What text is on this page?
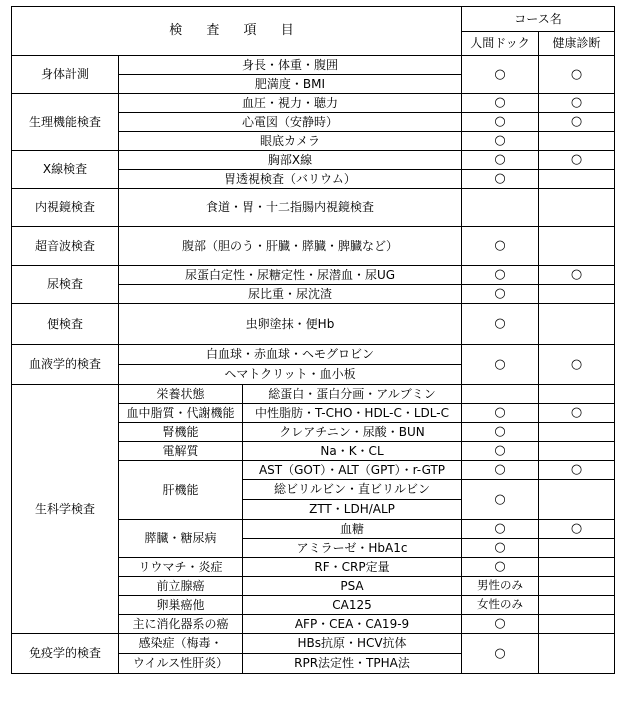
検 査 項 目			コース名	
			人間ドック	健康診断
身体計測	身長・体重・腹囲		○	○
	肥満度・BMI			
生理機能検査	血圧・視力・聴力		○	○
	心電図（安静時）		○	○
	眼底カメラ		○	
X線検査	胸部X線		○	○
	胃透視検査（バリウム）		○	
内視鏡検査	食道・胃・十二指腸内視鏡検査			
超音波検査	腹部（胆のう・肝臓・膵臓・脾臓など）		○	
尿検査	尿蛋白定性・尿糖定性・尿潜血・尿UG		○	○
	尿比重・尿沈渣		○	
便検査	虫卵塗抹・便Hb		○	
血液学的検査	白血球・赤血球・ヘモグロビン		○	○
	ヘマトクリット・血小板			
生科学検査	栄養状態	総蛋白・蛋白分画・アルブミン		
	血中脂質・代謝機能	中性脂肪・T-CHO・HDL-C・LDL-C	○	○
	腎機能	クレアチニン・尿酸・BUN	○	
	電解質	Na・K・CL	○	
	肝機能	AST（GOT）・ALT（GPT）・r-GTP	○	○
		総ビリルビン・直ビリルビン	○	
		ZTT・LDH/ALP		
	膵臓・糖尿病	血糖	○	○
		アミラーゼ・HbA1c	○	
	リウマチ・炎症	RF・CRP定量	○	
	前立腺癌	PSA	男性のみ	
	卵巣癌他	CA125	女性のみ	
	主に消化器系の癌	AFP・CEA・CA19-9	○	
免疫学的検査	感染症（梅毒・	HBs抗原・HCV抗体	○	
	ウイルス性肝炎）	RPR法定性・TPHA法		
